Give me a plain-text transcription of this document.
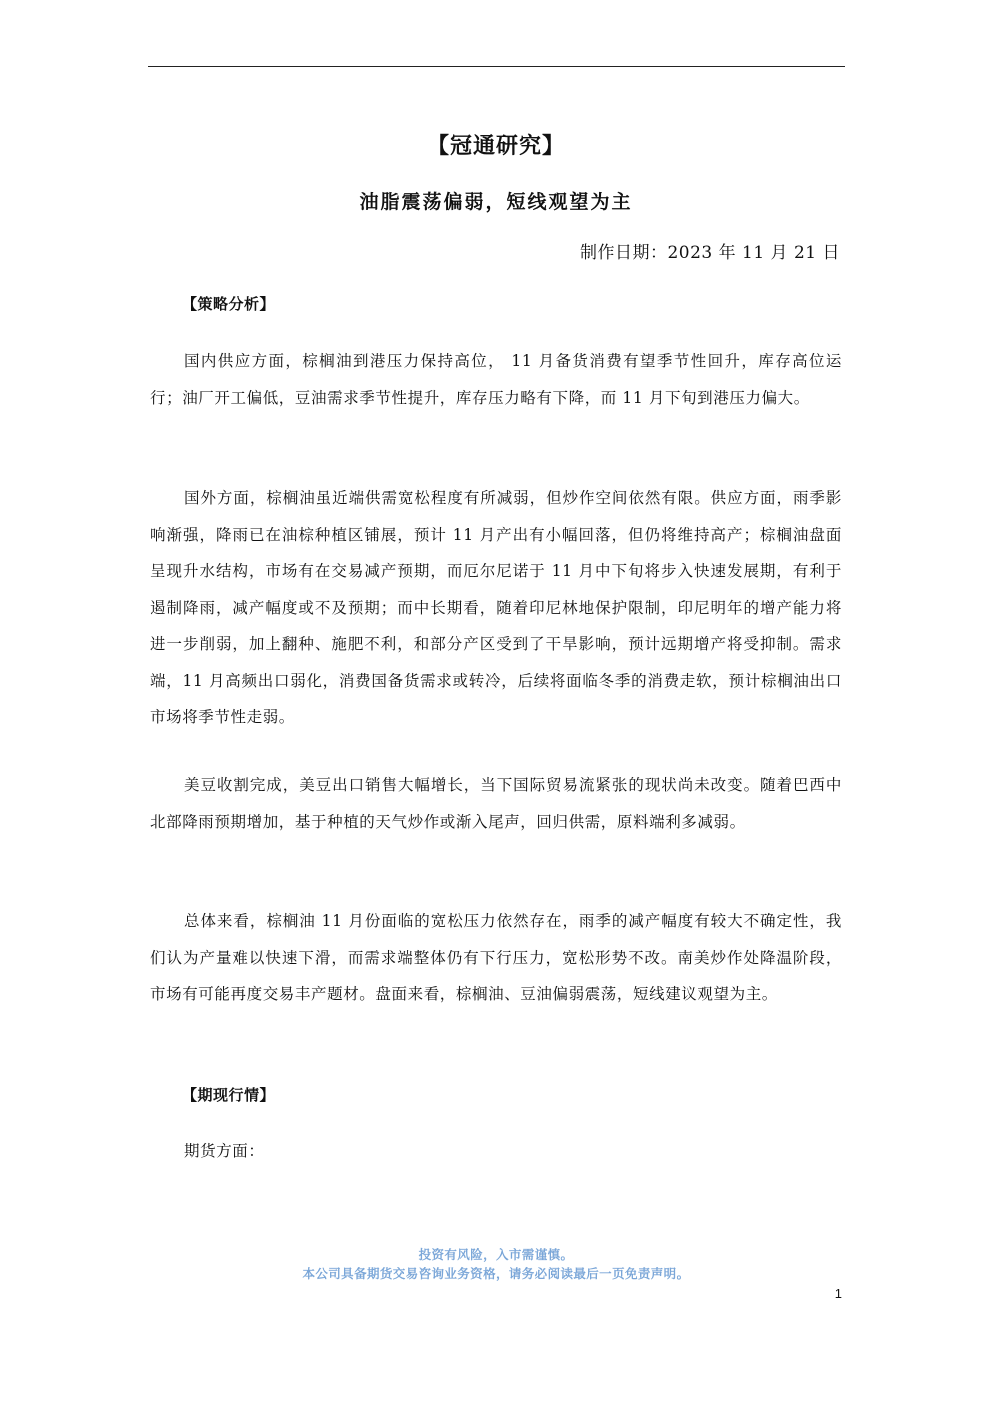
【冠通研究】
油脂震荡偏弱，短线观望为主
制作日期：2023 年 11 月 21 日
【策略分析】

国内供应方面，棕榈油到港压力保持高位， 11 月备货消费有望季节性回升，库存高位运行；油厂开工偏低，豆油需求季节性提升，库存压力略有下降，而 11 月下旬到港压力偏大。

国外方面，棕榈油虽近端供需宽松程度有所减弱，但炒作空间依然有限。供应方面，雨季影响渐强，降雨已在油棕种植区铺展，预计 11 月产出有小幅回落，但仍将维持高产；棕榈油盘面呈现升水结构，市场有在交易减产预期，而厄尔尼诺于 11 月中下旬将步入快速发展期，有利于遏制降雨，减产幅度或不及预期；而中长期看，随着印尼林地保护限制，印尼明年的增产能力将进一步削弱，加上翻种、施肥不利，和部分产区受到了干旱影响，预计远期增产将受抑制。需求端，11 月高频出口弱化，消费国备货需求或转冷，后续将面临冬季的消费走软，预计棕榈油出口市场将季节性走弱。

美豆收割完成，美豆出口销售大幅增长，当下国际贸易流紧张的现状尚未改变。随着巴西中北部降雨预期增加，基于种植的天气炒作或渐入尾声，回归供需，原料端利多减弱。

总体来看，棕榈油 11 月份面临的宽松压力依然存在，雨季的减产幅度有较大不确定性，我们认为产量难以快速下滑，而需求端整体仍有下行压力，宽松形势不改。南美炒作处降温阶段，市场有可能再度交易丰产题材。盘面来看，棕榈油、豆油偏弱震荡，短线建议观望为主。

【期现行情】

期货方面：

投资有风险，入市需谨慎。
本公司具备期货交易咨询业务资格，请务必阅读最后一页免责声明。
1
